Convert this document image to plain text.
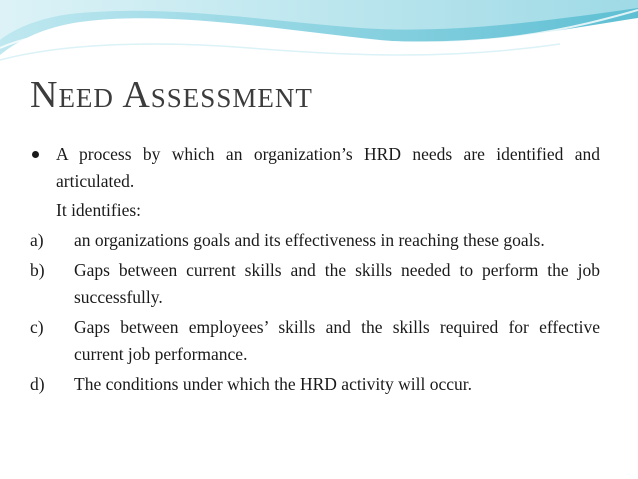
Need Assessment

A process by which an organization’s HRD needs are identified and articulated.

It identifies:

a) an organizations goals and its effectiveness in reaching these goals.

b) Gaps between current skills and the skills needed to perform the job successfully.

c) Gaps between employees’ skills and the skills required for effective current job performance.

d) The conditions under which the HRD activity will occur.
